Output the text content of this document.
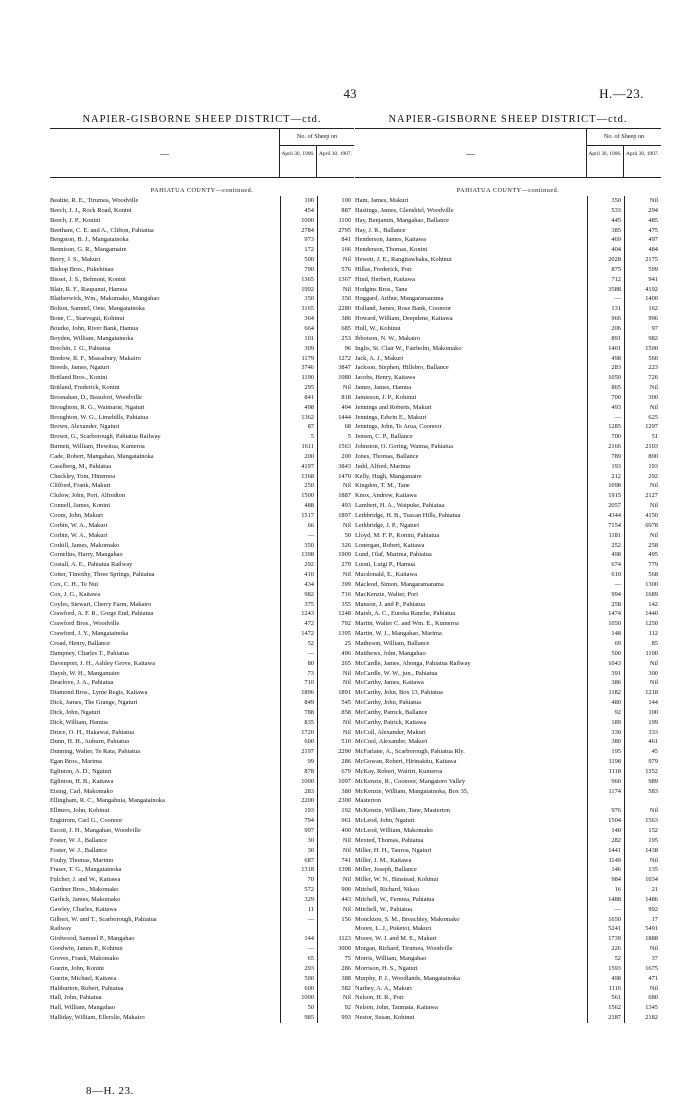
43	H.—23.
NAPIER-GISBORNE SHEEP DISTRICT—ctd.
—
No. of Sheep on
April 30, 1906. April 30, 1907.
PAHIATUA COUNTY—continued.
Beattie, R. E., Tirumea, Woodville	100	100
Beech, J. J., Rock Road, Konini	454	887
Beech, J. P., Konini	1000	1100
Beetham, C. E. and A., Clifton, Pahiatua	2784	2795
Bengston, B. J., Mangatainoka	973	841
Bennison, G. R., Mangamaire	172	166
Berry, J. S., Makuri	500	Nil
Bishop Bros., Pukehinau	790	576
Bisset, J. S., Belmont, Konini	1365	1367
Blair, R. F., Raupanui, Hamua	1992	Nil
Blatherwick, Wm., Makomako, Mangahao	350	350
Bolton, Samuel, Oete, Mangatainoka	3165	2280
Bone, C., Starvegut, Kohinui	364	386
Bourke, John, River Bank, Hamua	664	685
Boyden, William, Mangatainoka	101	253
Brechin, J. G., Pahiatua	309	96
Bredow, R. F., Massabury, Makairo	1179	1272
Breeds, James, Ngaturi	3746	3847
Britland Bros., Konini	1190	1080
Britland, Frederick, Konini	295	Nil
Brosnahan, D., Beaufort, Woodville	841	818
Broughton, R. G., Waimarie, Ngaturi	498	494
Broughton, W. G., Limehills, Pahiatua	1362	1444
Brown, Alexander, Ngaturi	87	68
Brown, G., Scarborough, Pahiatua Railway	5	5
Burnett, William, Hewitua, Kumeroa	1611	1563
Cade, Robert, Mangahao, Mangatainoka	200	200
Caselberg, M., Pahiatua	4197	3843
Checkley, Tom, Hinemoa	1368	1470
Clifford, Frank, Makuri	250	Nil
Clulow, John, Pori, Alfredton	1500	1887
Connell, James, Konini	488	493
Coom, John, Makuri	1517	1897
Corbin, W. A., Makuri	66	Nil
Corbin, W. A., Makuri	—	50
Corkill, James, Makomako	350	326
Cornelius, Harry, Mangahao	1398	1909
Costall, A. E., Pahiatua Railway	292	279
Cotter, Timothy, Three Springs, Pahiatua	410	Nil
Cox, C. H., Te Nui	434	399
Cox, J. G., Kaitawa	982	716
Coyles, Stewart, Cherry Farm, Makairo	375	355
Crawford, A. F. R., Gorge End, Pahiatua	1243	1248
Crawford Bros., Woodville	472	792
Crawford, J. Y., Mangatainoka	1472	1395
Croad, Henry, Ballance	52	25
Dampney, Charles T., Pahiatua	—	496
Davenport, J. H., Ashley Grove, Kaitawa	80	265
Daysh, W. H., Mangamaire	73	Nil
Dearlove, J. A., Pahiatua	710	Nil
Diamond Bros., Lyme Regis, Kaitawa	1896	1891
Dick, James, The Grange, Ngaturi	849	545
Dick, John, Ngaturi	788	858
Dick, William, Hamua	835	Nil
Druce, O. H., Hakawai, Pahiatua	1720	Nil
Dunn, H. H., Auburn, Pahiatua	600	510
Dunning, Walter, Te Rata, Pahiatua	2197	2290
Egan Bros., Marima	99	286
Eglinton, A. D., Ngaturi	878	679
Eglinton, H. B., Kaitawa	1000	1097
Eising, Carl, Makomako	283	380
Ellingham, R. C., Mangahuia, Mangatainoka	2200	2300
Ellmers, John, Kohinui	193	192
Engstrom, Carl G., Coonoor	794	961
Escott, J. H., Mangahao, Woodville	997	400
Foster, W. J., Ballance	30	Nil
Foster, W. J., Ballance	30	Nil
Fouhy, Thomas, Marimo	687	741
Fraser, T. G., Mangatainoka	1318	1398
Fulcher, J. and W., Kaitawa	70	Nil
Gardner Bros., Makomako	572	900
Garlick, James, Makomako	329	443
Gawley, Charles, Kaitawa	11	Nil
Gilbert, W. and T., Scarborough, Pahiatua	—	156
Railway
Girdwood, Samuel P., Mangahao	144	1123
Goodwin, James P., Kohinui	—	3000
Groves, Frank, Makomako	65	75
Guerin, John, Konini	293	286
Guerin, Michael, Kaitawa	500	388
Haliburton, Robert, Pahiatua	600	582
Hall, John, Pahiatua	1000	Nil
Hall, William, Mangahao	50	92
Halliday, William, Ellerslie, Makairo	985	993
NAPIER-GISBORNE SHEEP DISTRICT—ctd.
—
No. of Sheep on
April 30, 1906. April 30, 1907.
PAHIATUA COUNTY—continued.
Ham, James, Makuri	350	Nil
Hastings, James, Glenshiel, Woodville	533	294
Hay, Benjamin, Mangahao, Ballance	445	485
Hay, J. R., Ballance	385	475
Henderson, James, Kaitawa	469	497
Henderson, Thomas, Konini	404	484
Hewett, J. E., Rangitawhaka, Kohinui	2028	2175
Hillas, Frederick, Pori	875	599
Hind, Herbert, Kaitawa	712	941
Hodgins Bros., Tane	3588	4192
Hoggard, Arthur, Mangaramarama	—	1400
Holland, James, Rose Bank, Coonoor	131	162
Howard, William, Deepdene, Kaitawa	966	996
Hull, W., Kohinui	206	97
Ibbotson, N. W., Makairo	891	982
Inglis, St. Clair W., Fairholm, Makomako	1401	1500
Jack, A. J., Makuri	498	560
Jackson, Stephen, Hillsbro, Ballance	283	223
Jacobs, Henry, Kaitawa	1050	726
James, James, Hamua	865	Nil
Jamieson, J. P., Kohinui	700	300
Jennings and Roberts, Makuri	493	Nil
Jennings, Edwin E., Makuri	—	625
Jennings, John, Te Arua, Coonoor	1285	1297
Jensen, C. P., Ballance	700	51
Johnston, O. Goring, Waima, Pahiatua	2166	2103
Jones, Thomas, Ballance	789	800
Judd, Alfred, Marima	193	193
Kelly, Hugh, Mangamaire	212	292
Kingdon, T. M., Tane	1098	Nil
Knox, Andrew, Kaitawa	1915	2127
Lambert, H. A., Waipuke, Pahiatua	2057	Nil
Lethbridge, H. B., Tuscan Hills, Pahiatua	4344	4150
Lethbridge, J. P., Ngaturi	7154	6978
Lloyd, M. F. P., Konini, Pahiatua	1181	Nil
Lonergan, Robert, Kaitawa	252	258
Lund, Olaf, Marima, Pahiatua	498	495
Luoni, Luigi P., Hamua	674	779
Macdonald, E., Kaitawa	610	568
Macleod, Simon, Mangaramarama	—	1300
MacKenzie, Walter, Pori	994	1689
Manson, J. and P., Pahiatua	258	142
Marsh, A. C., Eureka Ranche, Pahiatua	1474	1440
Martin, Walter C. and Wm. E., Kumeroa	1050	1250
Martin, W. J., Mangahao, Marima	148	112
Matheson, William, Ballance	69	85
Matthews, John, Mangahao	500	1100
McCardle, James, Ahonga, Pahiatua Railway	1043	Nil
McCardle, W. W., jun., Pahiatua	391	300
McCarthy, James, Kaitawa	386	Nil
McCarthy, John, Box 13, Pahiatua	1182	1218
McCarthy, John, Pahiatua	480	144
McCarthy, Patrick, Ballance	92	100
McCarthy, Patrick, Kaitawa	189	199
McColl, Alexander, Makuri	330	333
McCool, Alexander, Makuri	380	461
McFarlane, A., Scarborough, Pahiatua Rly.	195	45
McGowan, Robert, Hirinakitu, Kaitawa	1198	979
McKay, Robert, Wairiri, Kumeroa	1118	1352
McKenzie, R., Coonoor, Mangatoro Valley	960	989
McKenzie, William, Mangatainoka, Box 35,	1174	583
Masterton
McKenzie, William, Tane, Masterton	976	Nil
McLeod, John, Ngaturi	1504	1563
McLeod, William, Makomako	140	152
Mexted, Thomas, Pahiatua	282	195
Miller, H. H., Tauroa, Ngaturi	1441	1438
Miller, J. M., Kaitawa	1149	Nil
Miller, Joseph, Ballance	146	135
Miller, W. N., Binstead, Kohinui	984	1034
Mitchell, Richard, Nikau	16	21
Mitchell, W., Ferniea, Pahiatua	1488	1486
Mitchell, W., Pahiatua	—	992
Monckton, S. M., Breachley, Makomako	1650	17
Moore, L. J., Puketoi, Makuri	5241	5491
Moore, W. J. and M. E., Makuri	1739	1888
Morgan, Richard, Tirumea, Woodville	226	Nil
Morris, William, Mangahao	52	37
Morrison, H. S., Ngaturi	1593	1675
Murphy, P. J., Woodlands, Mangatainoka	498	471
Narbey, A. A., Makuri	1116	Nil
Nelson, H. R., Pori	561	680
Nelson, John, Taumata, Kaitawa	1562	1345
Nestor, Susan, Kohinui	2187	2182
8—H. 23.
